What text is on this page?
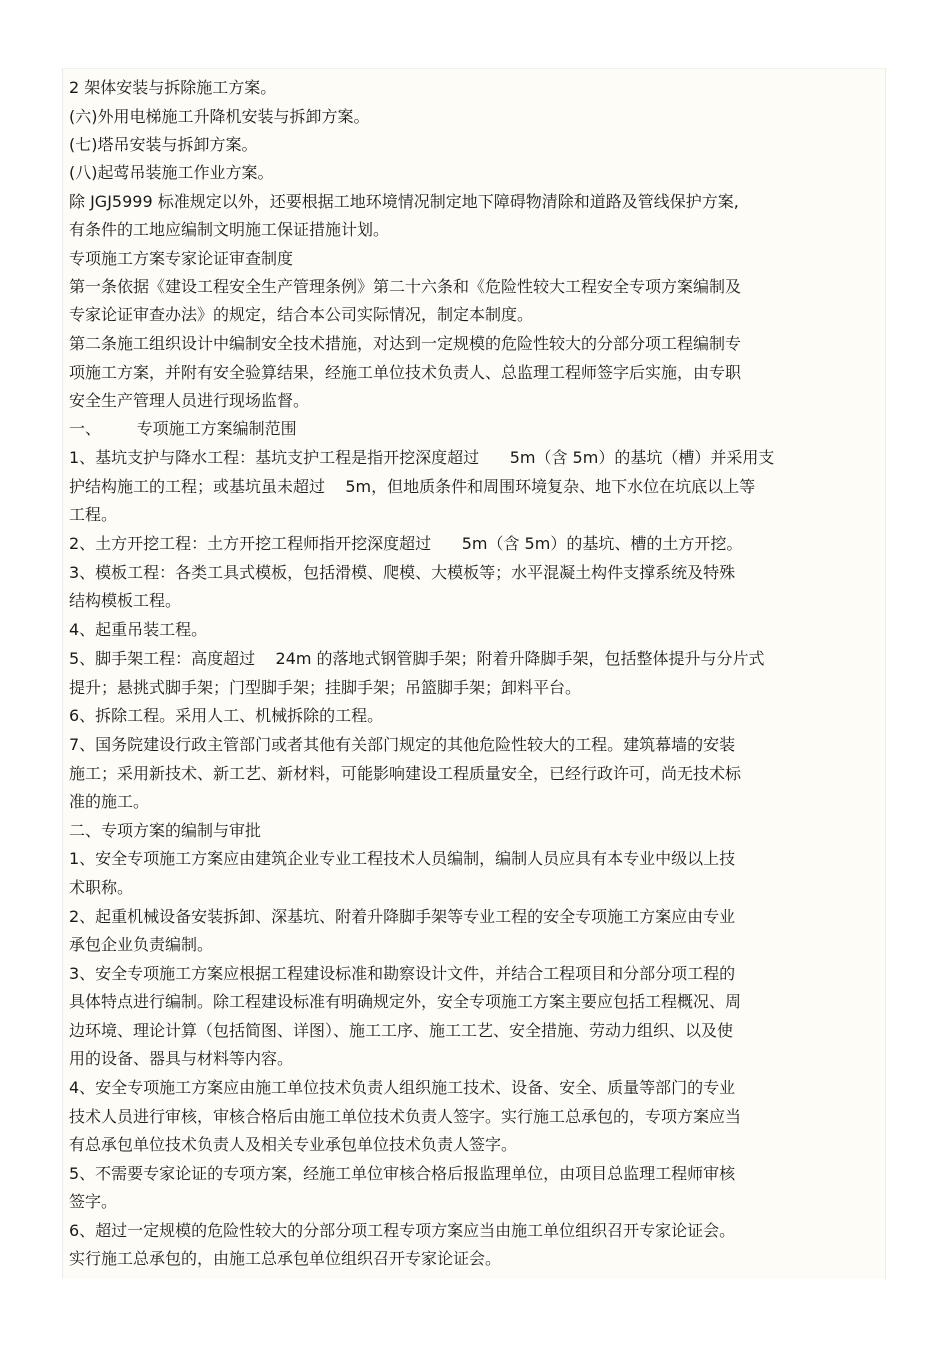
2 架体安装与拆除施工方案。
(六)外用电梯施工升降机安装与拆卸方案。
(七)塔吊安装与拆卸方案。
(八)起莺吊装施工作业方案。
除 JGJ5999 标准规定以外，还要根据工地环境情况制定地下障碍物清除和道路及管线保护方案,
有条件的工地应编制文明施工保证措施计划。
专项施工方案专家论证审查制度
第一条依据《建设工程安全生产管理条例》第二十六条和《危险性较大工程安全专项方案编制及
专家论证审查办法》的规定，结合本公司实际情况，制定本制度。
第二条施工组织设计中编制安全技术措施，对达到一定规模的危险性较大的分部分项工程编制专
项施工方案，并附有安全验算结果，经施工单位技术负责人、总监理工程师签字后实施，由专职
安全生产管理人员进行现场监督。
一、       专项施工方案编制范围
1、基坑支护与降水工程：基坑支护工程是指开挖深度超过      5m（含 5m）的基坑（槽）并采用支
护结构施工的工程；或基坑虽未超过    5m，但地质条件和周围环境复杂、地下水位在坑底以上等
工程。
2、土方开挖工程：土方开挖工程师指开挖深度超过      5m（含 5m）的基坑、槽的土方开挖。
3、模板工程：各类工具式模板，包括滑模、爬模、大模板等；水平混凝土构件支撑系统及特殊
结构模板工程。
4、起重吊装工程。
5、脚手架工程：高度超过    24m 的落地式钢管脚手架；附着升降脚手架，包括整体提升与分片式
提升；悬挑式脚手架；门型脚手架；挂脚手架；吊篮脚手架；卸料平台。
6、拆除工程。采用人工、机械拆除的工程。
7、国务院建设行政主管部门或者其他有关部门规定的其他危险性较大的工程。建筑幕墙的安装
施工；采用新技术、新工艺、新材料，可能影响建设工程质量安全，已经行政许可，尚无技术标
准的施工。
二、专项方案的编制与审批
1、安全专项施工方案应由建筑企业专业工程技术人员编制，编制人员应具有本专业中级以上技
术职称。
2、起重机械设备安装拆卸、深基坑、附着升降脚手架等专业工程的安全专项施工方案应由专业
承包企业负责编制。
3、安全专项施工方案应根据工程建设标准和勘察设计文件，并结合工程项目和分部分项工程的
具体特点进行编制。除工程建设标准有明确规定外，安全专项施工方案主要应包括工程概况、周
边环境、理论计算（包括简图、详图）、施工工序、施工工艺、安全措施、劳动力组织、以及使
用的设备、器具与材料等内容。
4、安全专项施工方案应由施工单位技术负责人组织施工技术、设备、安全、质量等部门的专业
技术人员进行审核，审核合格后由施工单位技术负责人签字。实行施工总承包的，专项方案应当
有总承包单位技术负责人及相关专业承包单位技术负责人签字。
5、不需要专家论证的专项方案，经施工单位审核合格后报监理单位，由项目总监理工程师审核
签字。
6、超过一定规模的危险性较大的分部分项工程专项方案应当由施工单位组织召开专家论证会。
实行施工总承包的，由施工总承包单位组织召开专家论证会。
